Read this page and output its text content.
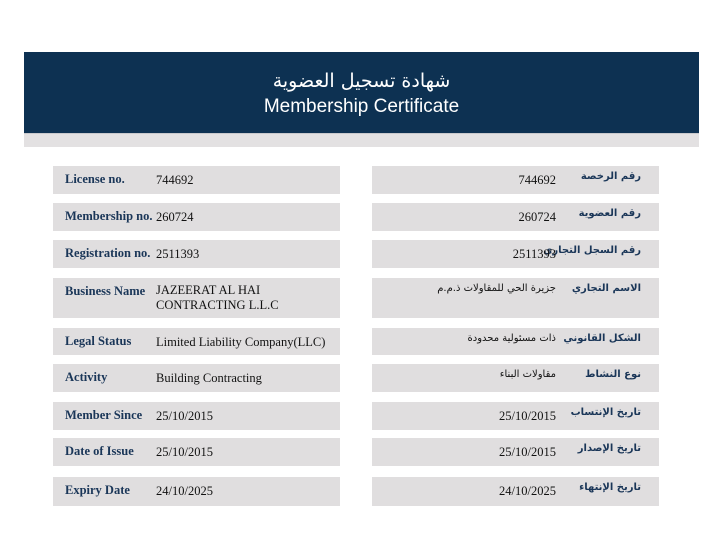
شهادة تسجيل العضوية
Membership Certificate
License no.	744692
Membership no. 260724
Registration no. 2511393
Business Name JAZEERAT AL HAI
CONTRACTING L.L.C
Legal Status Limited Liability Company(LLC)
Activity	Building Contracting
Member Since 25/10/2015
Date of Issue 25/10/2015
Expiry Date 24/10/2025
رقم الرخصة
744692
رقم العضوية
260724
رقم السجل التجاري
2511393
الاسم التجاري
جزيرة الحي للمقاولات ذ.م.م
الشكل القانوني
ذات مسئولية محدودة
نوع النشاط
مقاولات البناء
تاريخ الإنتساب
25/10/2015
تاريخ الإصدار
25/10/2015
تاريخ الإنتهاء
24/10/2025
